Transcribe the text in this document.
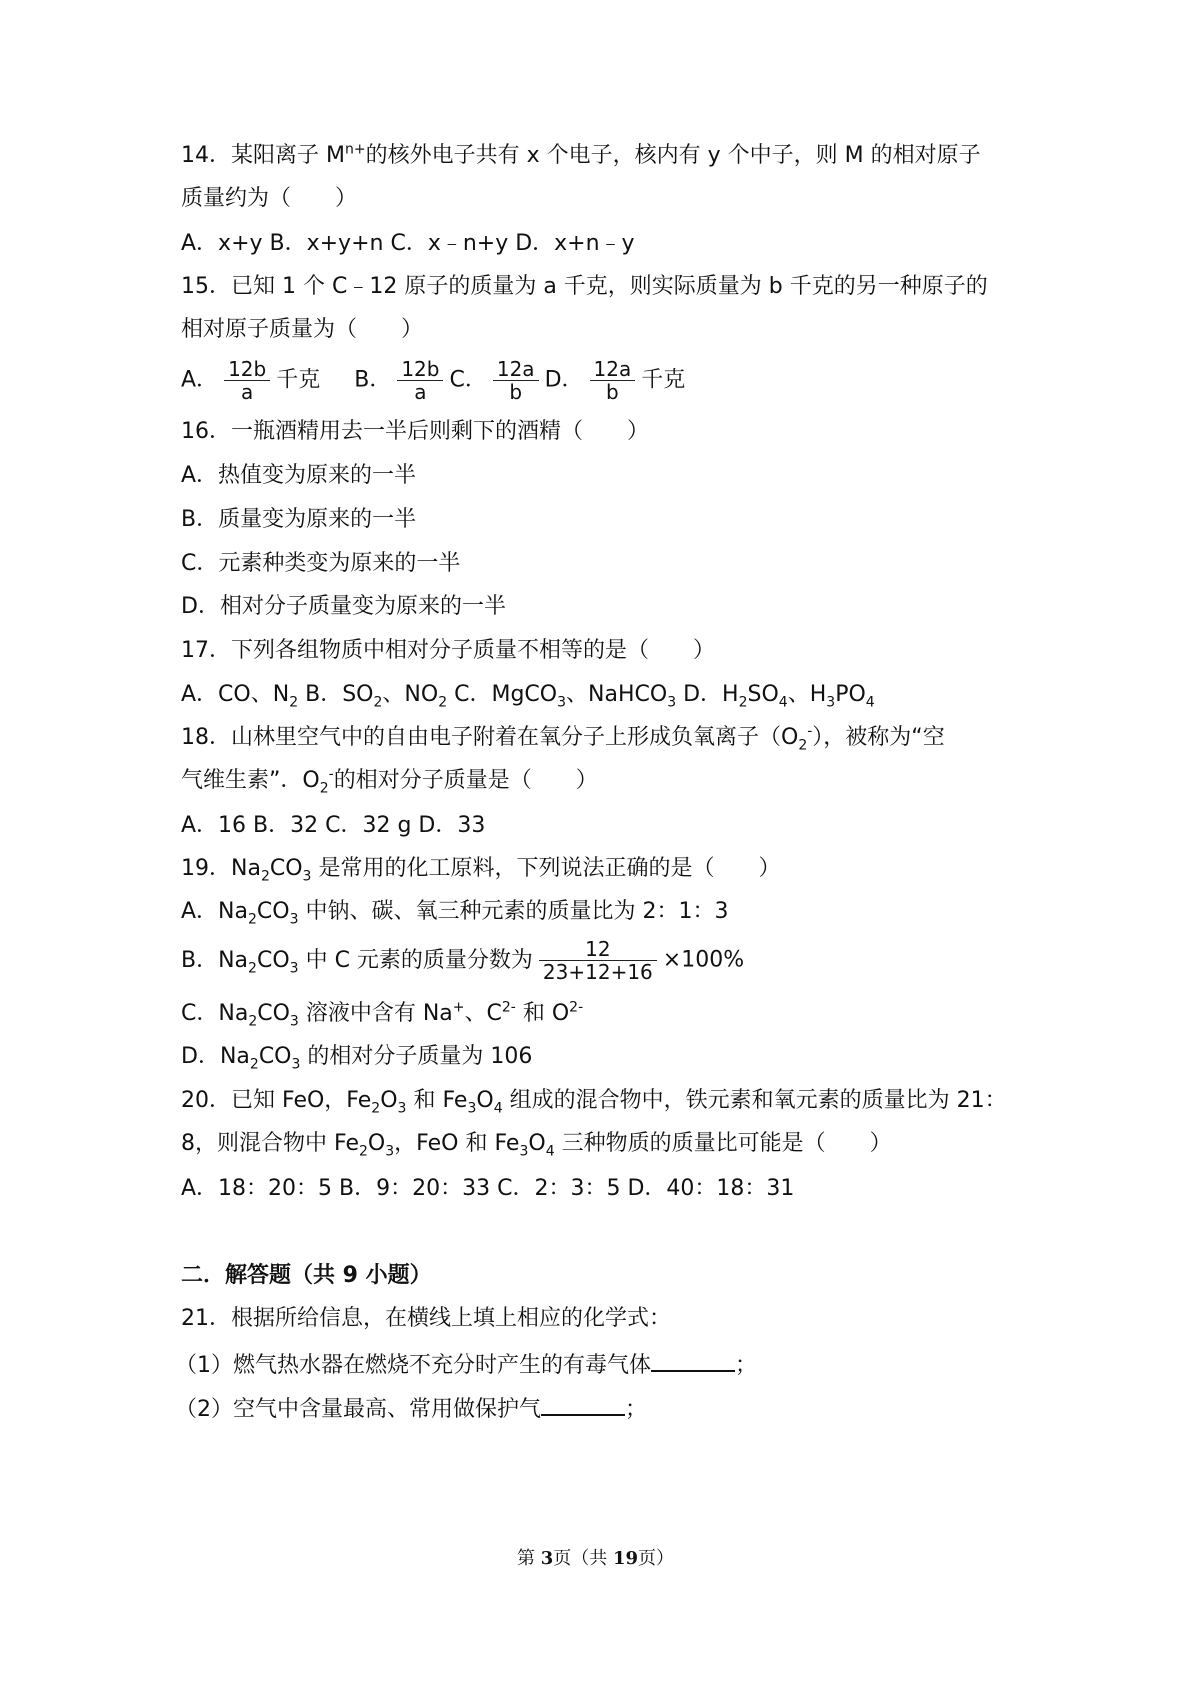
14．某阳离子 $M^{n+}$的核外电子共有 x 个电子，核内有 y 个中子，则 M 的相对原子
质量约为（　　）
A．x+y B．x+y+n C．x﹣n+y D．x+n﹣y
15．已知 1 个 C﹣12 原子的质量为 a 千克，则实际质量为 b 千克的另一种原子的
相对原子质量为（　　）
A． $\frac{12b}{a}$ 千克 B． $\frac{12b}{a}$ C． $\frac{12a}{b}$ D． $\frac{12a}{b}$ 千克
16．一瓶酒精用去一半后则剩下的酒精（　　）
A．热值变为原来的一半
B．质量变为原来的一半
C．元素种类变为原来的一半
D．相对分子质量变为原来的一半
17．下列各组物质中相对分子质量不相等的是（　　）
A．CO、$N_2$ B．$SO_2$、$NO_2$ C．MgCO$_3$、NaHCO$_3$ D．$H_2SO_4$、$H_3PO_4$
18．山林里空气中的自由电子附着在氧分子上形成负氧离子$(O_2^-)$，被称为“空
气维生素”．$O_2^-$的相对分子质量是（　　）
A．16 B．32 C．32 g D．33
19．$Na_2CO_3$ 是常用的化工原料，下列说法正确的是（　　）
A．$Na_2CO_3$ 中钠、碳、氧三种元素的质量比为 2：1：3
B．$Na_2CO_3$ 中 C 元素的质量分数为 $\frac{12}{23+12+16} \times 100\%$
C．$Na_2CO_3$ 溶液中含有 Na+、$C^{2-}$ 和 $O^{2-}$
D．$Na_2CO_3$ 的相对分子质量为 106
20．已知 FeO，$Fe_2O_3$ 和 $Fe_3O_4$ 组成的混合物中，铁元素和氧元素的质量比为 21：
8，则混合物中 $Fe_2O_3$，FeO 和 $Fe_3O_4$ 三种物质的质量比可能是（　　）
A．18：20：5 B．9：20：33 C．2：3：5 D．40：18：31
二．解答题（共 9 小题）
21．根据所给信息，在横线上填上相应的化学式：
（1）燃气热水器在燃烧不充分时产生的有毒气体	；
（2）空气中含量最高、常用做保护气	；
第 3页（共 19页）
